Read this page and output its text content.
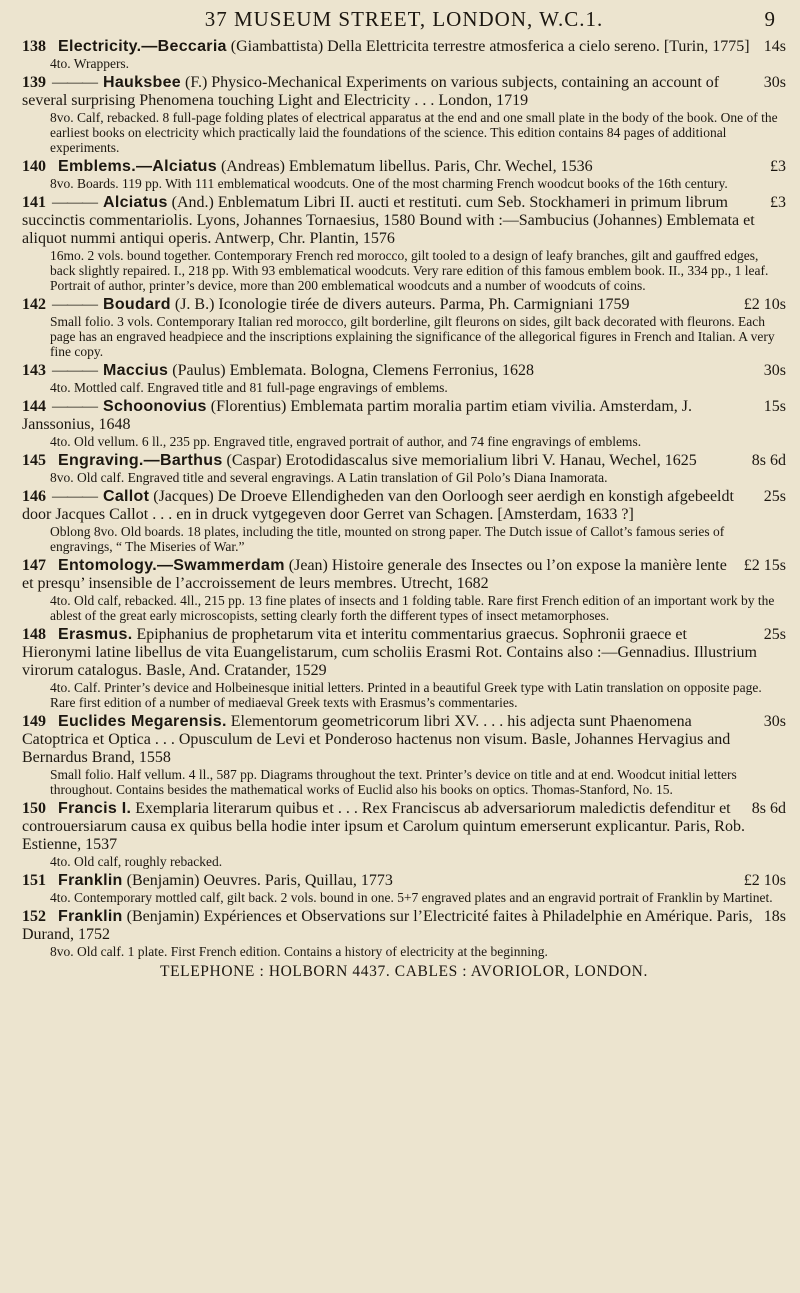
37 MUSEUM STREET, LONDON, W.C.1.	9
14s
138 Electricity.—Beccaria (Giambattista) Della Elettricita terrestre atmosferica a cielo sereno. [Turin, 1775]
4to. Wrappers.
30s
139 ——— Hauksbee (F.) Physico-Mechanical Experiments on various subjects, containing an account of several surprising Phenomena touching Light and Electricity . . . London, 1719
8vo. Calf, rebacked. 8 full-page folding plates of electrical apparatus at the end and one small plate in the body of the book. One of the earliest books on electricity which practically laid the foundations of the science. This edition contains 84 pages of additional experiments.
£3
140 Emblems.—Alciatus (Andreas) Emblematum libellus. Paris, Chr. Wechel, 1536
8vo. Boards. 119 pp. With 111 emblematical woodcuts. One of the most charming French woodcut books of the 16th century.
£3
141 ——— Alciatus (And.) Enblematum Libri II. aucti et restituti. cum Seb. Stockhameri in primum librum succinctis commentariolis. Lyons, Johannes Tornaesius, 1580 Bound with :—Sambucius (Johannes) Emblemata et aliquot nummi antiqui operis. Antwerp, Chr. Plantin, 1576
16mo. 2 vols. bound together. Contemporary French red morocco, gilt tooled to a design of leafy branches, gilt and gauffred edges, back slightly repaired. I., 218 pp. With 93 emblematical woodcuts. Very rare edition of this famous emblem book. II., 334 pp., 1 leaf. Portrait of author, printer’s device, more than 200 emblematical woodcuts and a number of woodcuts of coins.
£2 10s
142 ——— Boudard (J. B.) Iconologie tirée de divers auteurs. Parma, Ph. Carmigniani 1759
Small folio. 3 vols. Contemporary Italian red morocco, gilt borderline, gilt fleurons on sides, gilt back decorated with fleurons. Each page has an engraved headpiece and the inscriptions explaining the significance of the allegorical figures in French and Italian. A very fine copy.
30s
143 ——— Maccius (Paulus) Emblemata. Bologna, Clemens Ferronius, 1628
4to. Mottled calf. Engraved title and 81 full-page engravings of emblems.
15s
144 ——— Schoonovius (Florentius) Emblemata partim moralia partim etiam vivilia. Amsterdam, J. Janssonius, 1648
4to. Old vellum. 6 ll., 235 pp. Engraved title, engraved portrait of author, and 74 fine engravings of emblems.
8s 6d
145 Engraving.—Barthus (Caspar) Erotodidascalus sive memorialium libri V. Hanau, Wechel, 1625
8vo. Old calf. Engraved title and several engravings. A Latin translation of Gil Polo’s Diana Inamorata.
25s
146 ——— Callot (Jacques) De Droeve Ellendigheden van den Oorloogh seer aerdigh en konstigh afgebeeldt door Jacques Callot . . . en in druck vytgegeven door Gerret van Schagen. [Amsterdam, 1633 ?]
Oblong 8vo. Old boards. 18 plates, including the title, mounted on strong paper. The Dutch issue of Callot’s famous series of engravings, “ The Miseries of War.”
£2 15s
147 Entomology.—Swammerdam (Jean) Histoire generale des Insectes ou l’on expose la manière lente et presqu’ insensible de l’accroissement de leurs membres. Utrecht, 1682
4to. Old calf, rebacked. 4ll., 215 pp. 13 fine plates of insects and 1 folding table. Rare first French edition of an important work by the ablest of the great early microscopists, setting clearly forth the different types of insect metamorphoses.
25s
148 Erasmus. Epiphanius de prophetarum vita et interitu commentarius graecus. Sophronii graece et Hieronymi latine libellus de vita Euangelistarum, cum scholiis Erasmi Rot. Contains also :—Gennadius. Illustrium virorum catalogus. Basle, And. Cratander, 1529
4to. Calf. Printer’s device and Holbeinesque initial letters. Printed in a beautiful Greek type with Latin translation on opposite page. Rare first edition of a number of mediaeval Greek texts with Erasmus’s commentaries.
30s
149 Euclides Megarensis. Elementorum geometricorum libri XV. . . . his adjecta sunt Phaenomena Catoptrica et Optica . . . Opusculum de Levi et Ponderoso hactenus non visum. Basle, Johannes Hervagius and Bernardus Brand, 1558
Small folio. Half vellum. 4 ll., 587 pp. Diagrams throughout the text. Printer’s device on title and at end. Woodcut initial letters throughout. Contains besides the mathematical works of Euclid also his books on optics. Thomas-Stanford, No. 15.
8s 6d
150 Francis I. Exemplaria literarum quibus et . . . Rex Franciscus ab adversariorum maledictis defenditur et controuersiarum causa ex quibus bella hodie inter ipsum et Carolum quintum emerserunt explicantur. Paris, Rob. Estienne, 1537
4to. Old calf, roughly rebacked.
£2 10s
151 Franklin (Benjamin) Oeuvres. Paris, Quillau, 1773
4to. Contemporary mottled calf, gilt back. 2 vols. bound in one. 5+7 engraved plates and an engravid portrait of Franklin by Martinet.
18s
152 Franklin (Benjamin) Expériences et Observations sur l’Electricité faites à Philadelphie en Amérique. Paris, Durand, 1752
8vo. Old calf. 1 plate. First French edition. Contains a history of electricity at the beginning.
TELEPHONE : HOLBORN 4437. CABLES : AVORIOLOR, LONDON.
